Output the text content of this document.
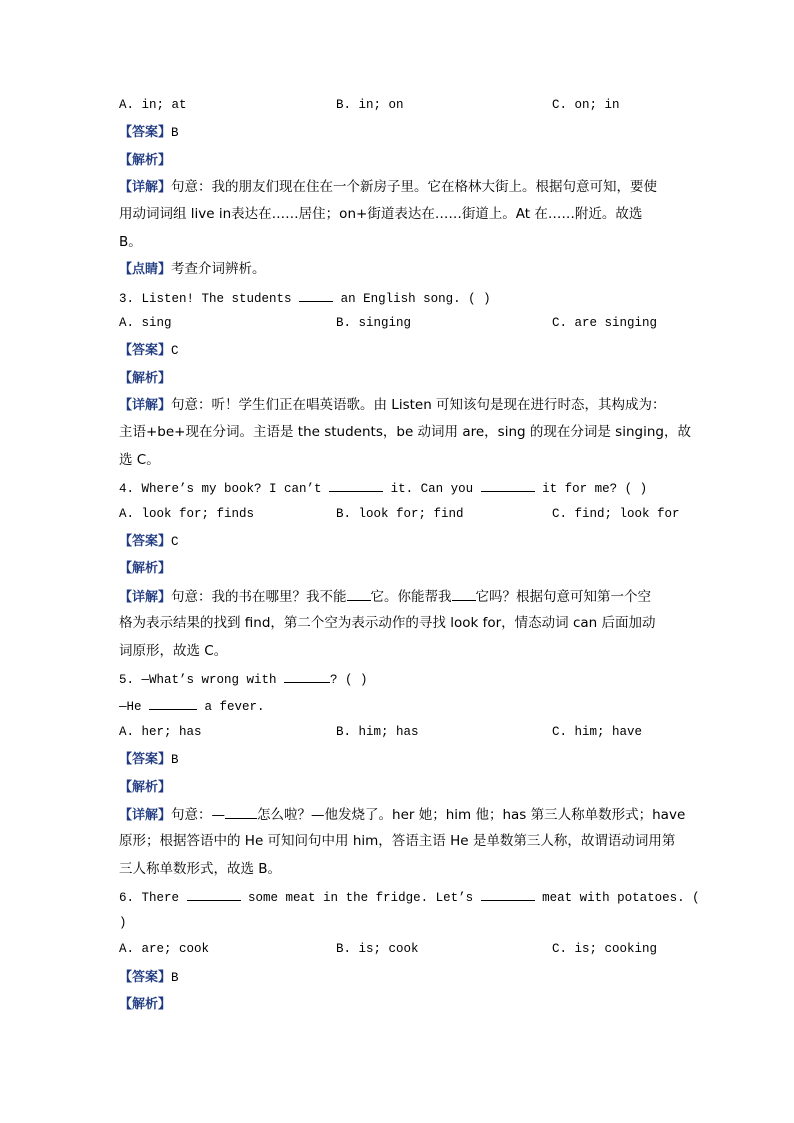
A. in; at	B. in; on	C. on; in
【答案】B
【解析】
【详解】句意：我的朋友们现在住在一个新房子里。它在格林大街上。根据句意可知，要使
用动词词组 live in表达在……居住；on+街道表达在……街道上。At 在……附近。故选
B。
【点睛】考查介词辨析。
3. Listen! The students	an English song. ( )
A. sing	B. singing	C. are singing
【答案】C
【解析】
【详解】句意：听！学生们正在唱英语歌。由 Listen 可知该句是现在进行时态，其构成为：
主语+be+现在分词。主语是 the students，be 动词用 are，sing 的现在分词是 singing，故
选 C。
4. Where’s my book? I can’t	it. Can you	it for me? ( )
A. look for; finds	B. look for; find	C. find; look for
【答案】C
【解析】
【详解】句意：我的书在哪里？我不能 它。你能帮我 它吗？根据句意可知第一个空
格为表示结果的找到 find，第二个空为表示动作的寻找 look for，情态动词 can 后面加动
词原形，故选 C。
5. —What’s wrong with	? ( )
—He	a fever.
A. her; has	B. him; has	C. him; have
【答案】B
【解析】
【详解】句意：— 怎么啦？—他发烧了。her 她；him 他；has 第三人称单数形式；have
原形；根据答语中的 He 可知问句中用 him，答语主语 He 是单数第三人称，故谓语动词用第
三人称单数形式，故选 B。
6. There	some meat in the fridge. Let’s	meat with potatoes. (
)
A. are; cook	B. is; cook	C. is; cooking
【答案】B
【解析】
